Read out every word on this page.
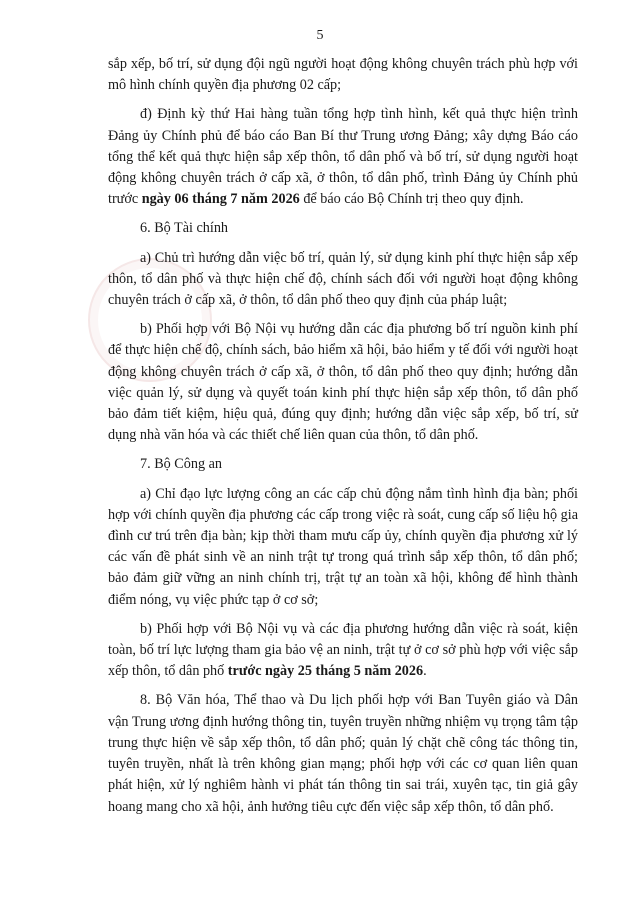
5

sắp xếp, bố trí, sử dụng đội ngũ người hoạt động không chuyên trách phù hợp với mô hình chính quyền địa phương 02 cấp;

đ) Định kỳ thứ Hai hàng tuần tổng hợp tình hình, kết quả thực hiện trình Đảng ủy Chính phủ để báo cáo Ban Bí thư Trung ương Đảng; xây dựng Báo cáo tổng thể kết quả thực hiện sắp xếp thôn, tổ dân phố và bố trí, sử dụng người hoạt động không chuyên trách ở cấp xã, ở thôn, tổ dân phố, trình Đảng ủy Chính phủ trước ngày 06 tháng 7 năm 2026 để báo cáo Bộ Chính trị theo quy định.

6. Bộ Tài chính

a) Chủ trì hướng dẫn việc bố trí, quản lý, sử dụng kinh phí thực hiện sắp xếp thôn, tổ dân phố và thực hiện chế độ, chính sách đối với người hoạt động không chuyên trách ở cấp xã, ở thôn, tổ dân phố theo quy định của pháp luật;

b) Phối hợp với Bộ Nội vụ hướng dẫn các địa phương bố trí nguồn kinh phí để thực hiện chế độ, chính sách, bảo hiểm xã hội, bảo hiểm y tế đối với người hoạt động không chuyên trách ở cấp xã, ở thôn, tổ dân phố theo quy định; hướng dẫn việc quản lý, sử dụng và quyết toán kinh phí thực hiện sắp xếp thôn, tổ dân phố bảo đảm tiết kiệm, hiệu quả, đúng quy định; hướng dẫn việc sắp xếp, bố trí, sử dụng nhà văn hóa và các thiết chế liên quan của thôn, tổ dân phố.

7. Bộ Công an

a) Chỉ đạo lực lượng công an các cấp chủ động nắm tình hình địa bàn; phối hợp với chính quyền địa phương các cấp trong việc rà soát, cung cấp số liệu hộ gia đình cư trú trên địa bàn; kịp thời tham mưu cấp ủy, chính quyền địa phương xử lý các vấn đề phát sinh về an ninh trật tự trong quá trình sắp xếp thôn, tổ dân phố; bảo đảm giữ vững an ninh chính trị, trật tự an toàn xã hội, không để hình thành điểm nóng, vụ việc phức tạp ở cơ sở;

b) Phối hợp với Bộ Nội vụ và các địa phương hướng dẫn việc rà soát, kiện toàn, bố trí lực lượng tham gia bảo vệ an ninh, trật tự ở cơ sở phù hợp với việc sắp xếp thôn, tổ dân phố trước ngày 25 tháng 5 năm 2026.

8. Bộ Văn hóa, Thể thao và Du lịch phối hợp với Ban Tuyên giáo và Dân vận Trung ương định hướng thông tin, tuyên truyền những nhiệm vụ trọng tâm tập trung thực hiện về sắp xếp thôn, tổ dân phố; quản lý chặt chẽ công tác thông tin, tuyên truyền, nhất là trên không gian mạng; phối hợp với các cơ quan liên quan phát hiện, xử lý nghiêm hành vi phát tán thông tin sai trái, xuyên tạc, tin giả gây hoang mang cho xã hội, ảnh hưởng tiêu cực đến việc sắp xếp thôn, tổ dân phố.
